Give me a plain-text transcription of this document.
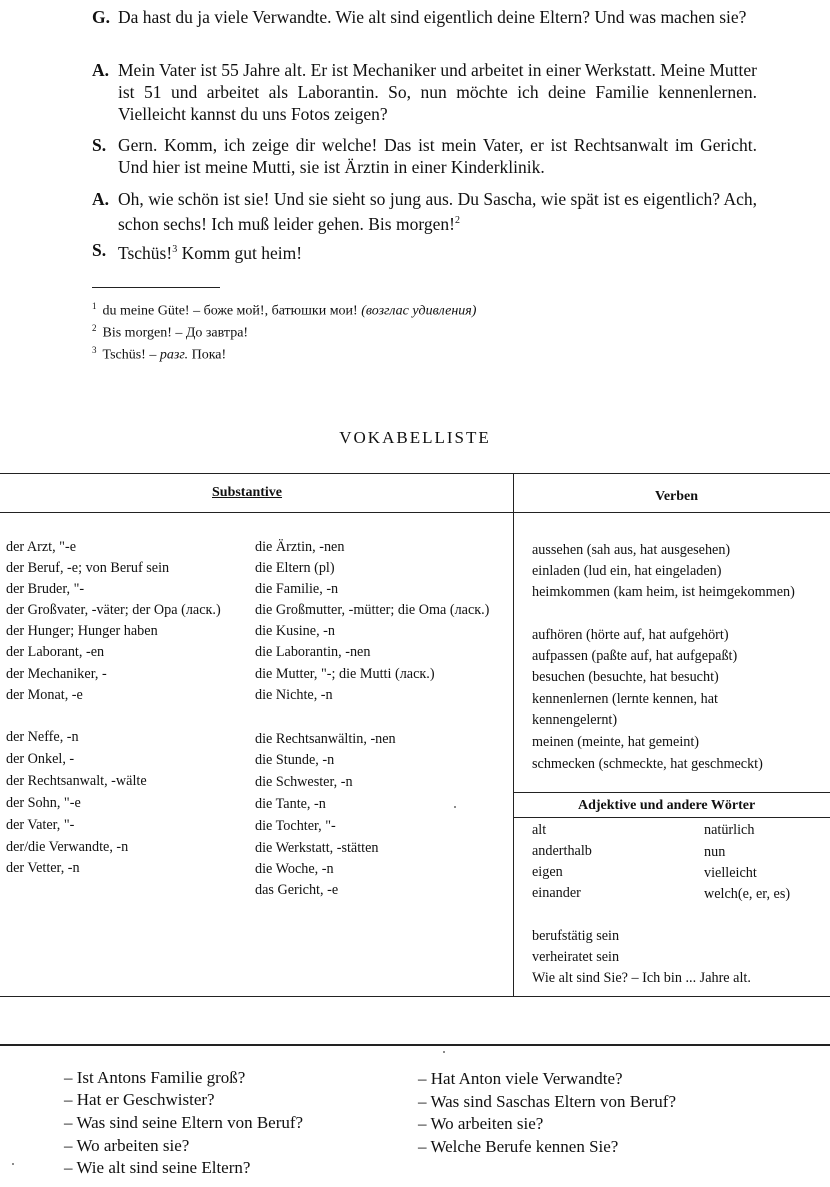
G. Da hast du ja viele Verwandte. Wie alt sind eigentlich deine Eltern? Und was machen sie?
A. Mein Vater ist 55 Jahre alt. Er ist Mechaniker und arbeitet in einer Werkstatt. Meine Mutter ist 51 und arbeitet als Laborantin. So, nun möchte ich deine Familie kennenlernen. Vielleicht kannst du uns Fotos zeigen?
S. Gern. Komm, ich zeige dir welche! Das ist mein Vater, er ist Rechtsanwalt im Gericht. Und hier ist meine Mutti, sie ist Ärztin in einer Kinderklinik.
A. Oh, wie schön ist sie! Und sie sieht so jung aus. Du Sascha, wie spät ist es eigentlich? Ach, schon sechs! Ich muß leider gehen. Bis morgen!$^2$
S. Tschüs!$^3$ Komm gut heim!
$^1$ du meine Güte! – боже мой!, батюшки мои! (возглас удивления)
$^2$ Bis morgen! – До завтра!
$^3$ Tschüs! – разг. Пока!
VOKABELLISTE
Substantive	Verben
Adjektive und andere Wörter
der Arzt, "-e
der Beruf, -e; von Beruf sein
der Bruder, "-
der Großvater, -väter; der Opa (ласк.)
der Hunger; Hunger haben
der Laborant, -en
der Mechaniker, -
der Monat, -e
der Neffe, -n
der Onkel, -
der Rechtsanwalt, -wälte
der Sohn, "-e
der Vater, "-
der/die Verwandte, -n
der Vetter, -n
die Ärztin, -nen
die Eltern (pl)
die Familie, -n
die Großmutter, -mütter; die Oma (ласк.)
die Kusine, -n
die Laborantin, -nen
die Mutter, "-; die Mutti (ласк.)
die Nichte, -n
die Rechtsanwältin, -nen
die Stunde, -n
die Schwester, -n
die Tante, -n
die Tochter, "-
die Werkstatt, -stätten
die Woche, -n
das Gericht, -e
aussehen (sah aus, hat ausgesehen)
einladen (lud ein, hat eingeladen)
heimkommen (kam heim, ist heimgekommen)
aufhören (hörte auf, hat aufgehört)
aufpassen (paßte auf, hat aufgepaßt)
besuchen (besuchte, hat besucht)
kennenlernen (lernte kennen, hat
kennengelernt)
meinen (meinte, hat gemeint)
schmecken (schmeckte, hat geschmeckt)
alt
anderthalb
eigen
einander
natürlich
nun
vielleicht
welch(e, er, es)
berufstätig sein
verheiratet sein
Wie alt sind Sie? – Ich bin ... Jahre alt.
– Ist Antons Familie groß?
– Hat er Geschwister?
– Was sind seine Eltern von Beruf?
– Wo arbeiten sie?
– Wie alt sind seine Eltern?
– Hat Anton viele Verwandte?
– Was sind Saschas Eltern von Beruf?
– Wo arbeiten sie?
– Welche Berufe kennen Sie?
